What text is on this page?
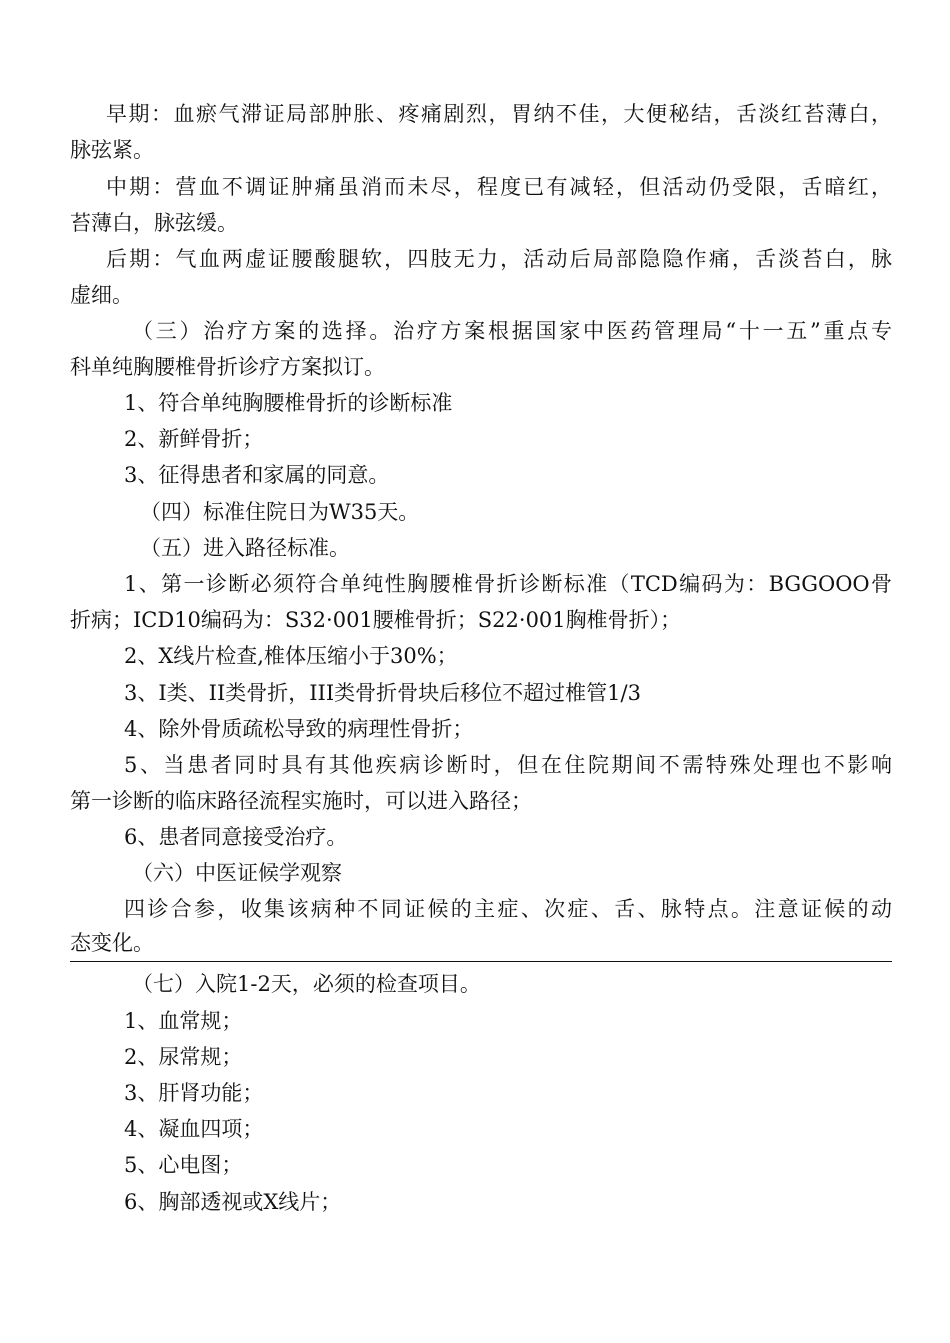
早期：血瘀气滞证局部肿胀、疼痛剧烈，胃纳不佳，大便秘结，舌淡红苔薄白，
脉弦紧。
中期：营血不调证肿痛虽消而未尽，程度已有减轻，但活动仍受限，舌暗红，
苔薄白，脉弦缓。
后期：气血两虚证腰酸腿软，四肢无力，活动后局部隐隐作痛，舌淡苔白，脉
虚细。
（三）治疗方案的选择。治疗方案根据国家中医药管理局“十一五”重点专
科单纯胸腰椎骨折诊疗方案拟订。
1、符合单纯胸腰椎骨折的诊断标准
2、新鲜骨折；
3、征得患者和家属的同意。
（四）标准住院日为W35天。
（五）进入路径标准。
1、第一诊断必须符合单纯性胸腰椎骨折诊断标准（TCD编码为：BGGOOO骨
折病；ICD10编码为：S32·001腰椎骨折；S22·001胸椎骨折）；
2、X线片检查,椎体压缩小于30%；
3、I类、II类骨折，III类骨折骨块后移位不超过椎管1/3
4、除外骨质疏松导致的病理性骨折；
5、当患者同时具有其他疾病诊断时，但在住院期间不需特殊处理也不影响
第一诊断的临床路径流程实施时，可以进入路径；
6、患者同意接受治疗。
（六）中医证候学观察
四诊合参，收集该病种不同证候的主症、次症、舌、脉特点。注意证候的动
态变化。
（七）入院1-2天，必须的检查项目。
1、血常规；
2、尿常规；
3、肝肾功能；
4、凝血四项；
5、心电图；
6、胸部透视或X线片；
